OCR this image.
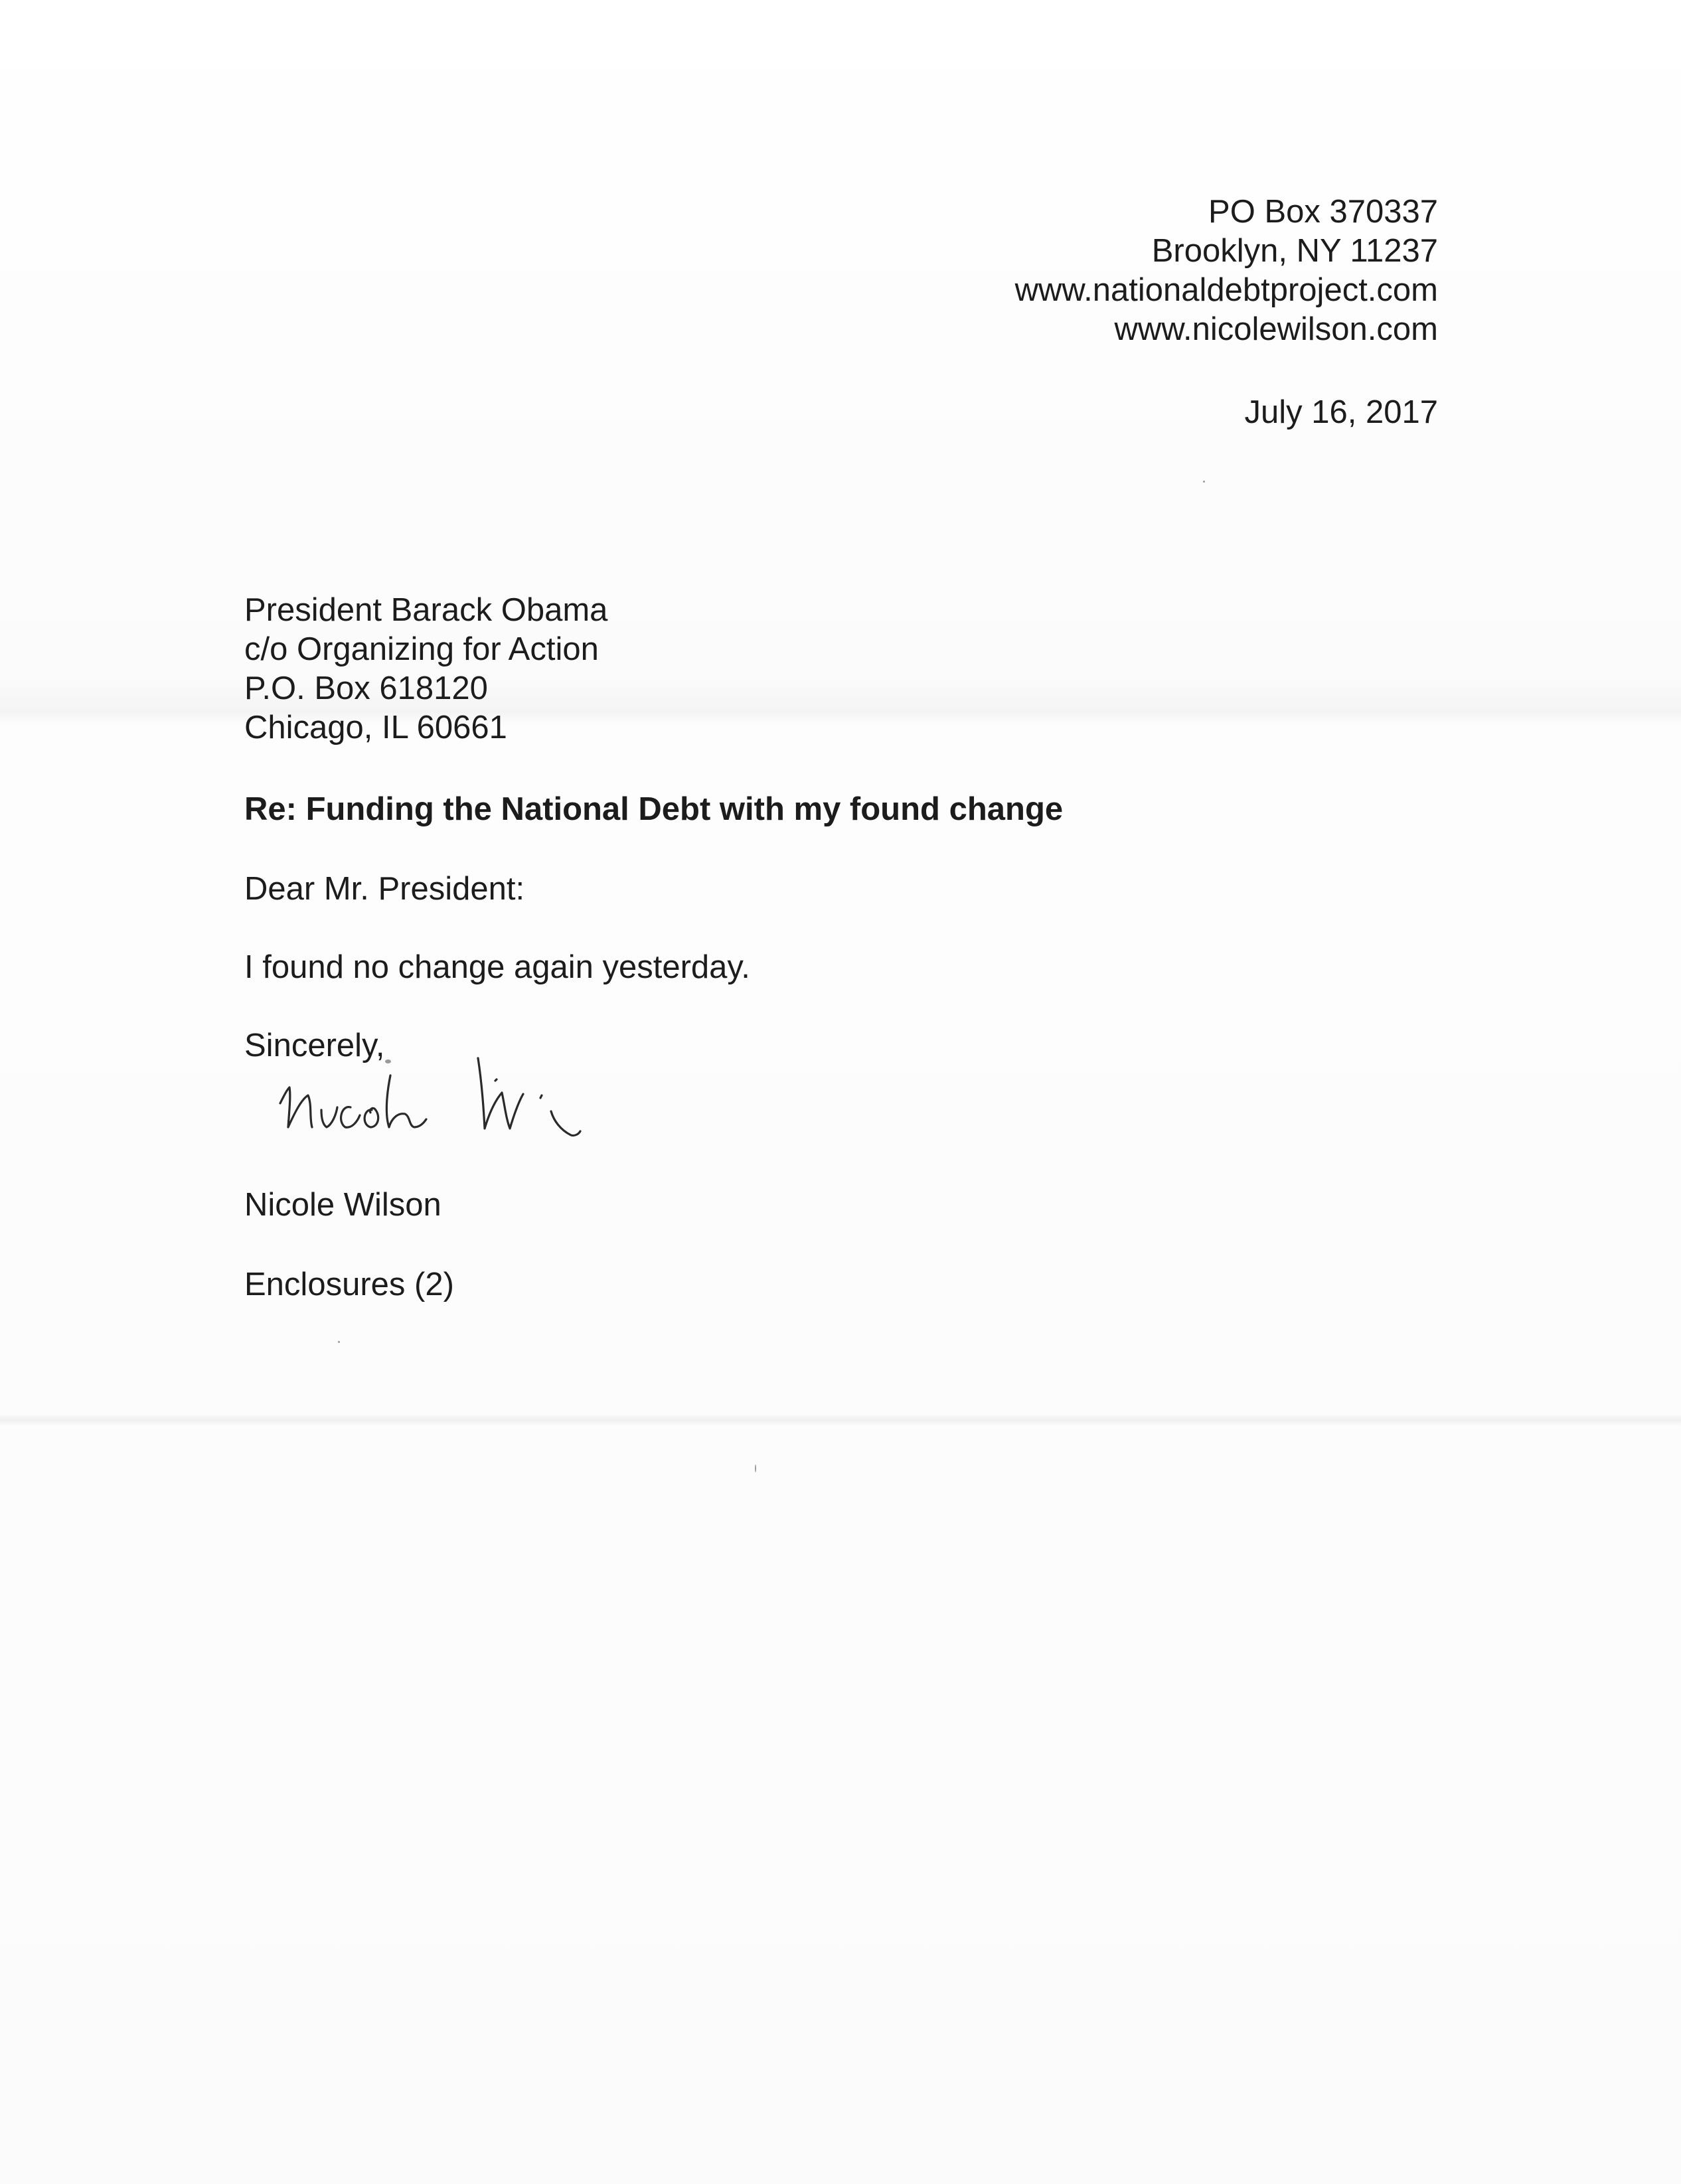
PO Box 370337
Brooklyn, NY 11237
www.nationaldebtproject.com
www.nicolewilson.com
July 16, 2017
President Barack Obama
c/o Organizing for Action
P.O. Box 618120
Chicago, IL 60661
Re: Funding the National Debt with my found change
Dear Mr. President:
I found no change again yesterday.
Sincerely,
Nicole Wilson
Enclosures (2)
